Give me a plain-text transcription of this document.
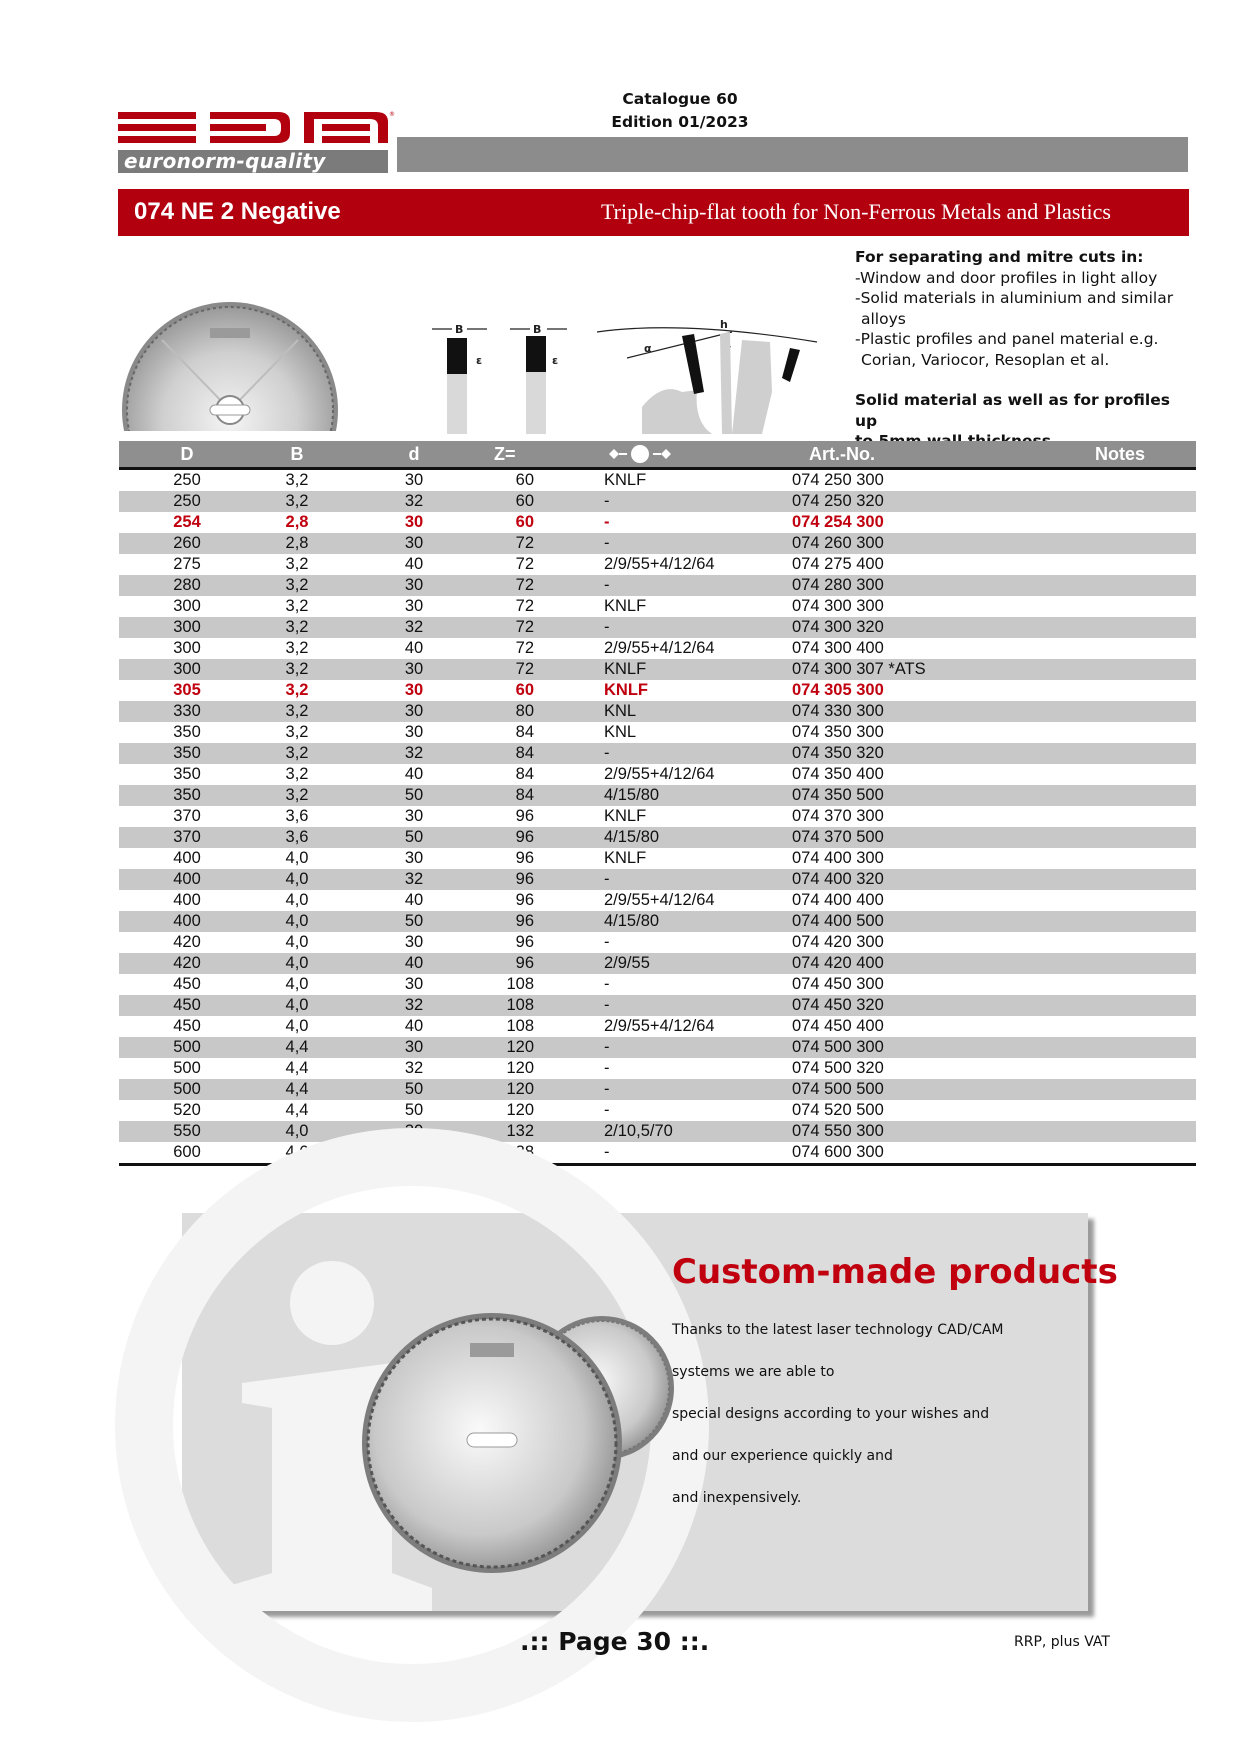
Catalogue 60
Edition 01/2023
®
euronorm-quality
074 NE 2 Negative	Triple-chip-flat tooth for Non-Ferrous Metals and Plastics
B	B	h
α
ε	ε
For separating and mitre cuts in:
-Window and door profiles in light alloy
-Solid materials in aluminium and similar
alloys
-Plastic profiles and panel material e.g.
Corian, Variocor, Resoplan et al.
Solid material as well as for profiles up
D	B	d	Z=	Art.-No.	Notes
250	3,2	30	60	KNLF	074 250 300
250	3,2	32	60	-	074 250 320
254	2,8	30	60	-	074 254 300
260	2,8	30	72	-	074 260 300
275	3,2	40	72	2/9/55+4/12/64	074 275 400
280	3,2	30	72	-	074 280 300
300	3,2	30	72	KNLF	074 300 300
300	3,2	32	72	-	074 300 320
300	3,2	40	72	2/9/55+4/12/64	074 300 400
300	3,2	30	72	KNLF	074 300 307 *ATS
305	3,2	30	60	KNLF	074 305 300
330	3,2	30	80	KNL	074 330 300
350	3,2	30	84	KNL	074 350 300
350	3,2	32	84	-	074 350 320
350	3,2	40	84	2/9/55+4/12/64	074 350 400
350	3,2	50	84	4/15/80	074 350 500
370	3,6	30	96	KNLF	074 370 300
370	3,6	50	96	4/15/80	074 370 500
400	4,0	30	96	KNLF	074 400 300
400	4,0	32	96	-	074 400 320
400	4,0	40	96	2/9/55+4/12/64	074 400 400
400	4,0	50	96	4/15/80	074 400 500
420	4,0	30	96	-	074 420 300
420	4,0	40	96	2/9/55	074 420 400
450	4,0	30	108	-	074 450 300
450	4,0	32	108	-	074 450 320
450	4,0	40	108	2/9/55+4/12/64	074 450 400
500	4,4	30	120	-	074 500 300
500	4,4	32	120	-	074 500 320
500	4,4	50	120	-	074 500 500
520	4,4	50	120	-	074 520 500
550	4,0	30	132	2/10,5/70	074 550 300
600	4,6	30	138	-	074 600 300
Custom-made products
Thanks to the latest laser technology CAD/CAM
systems we are able to
special designs according to your wishes and
and our experience quickly and
and inexpensively.
.:: Page 30 ::.	RRP, plus VAT
